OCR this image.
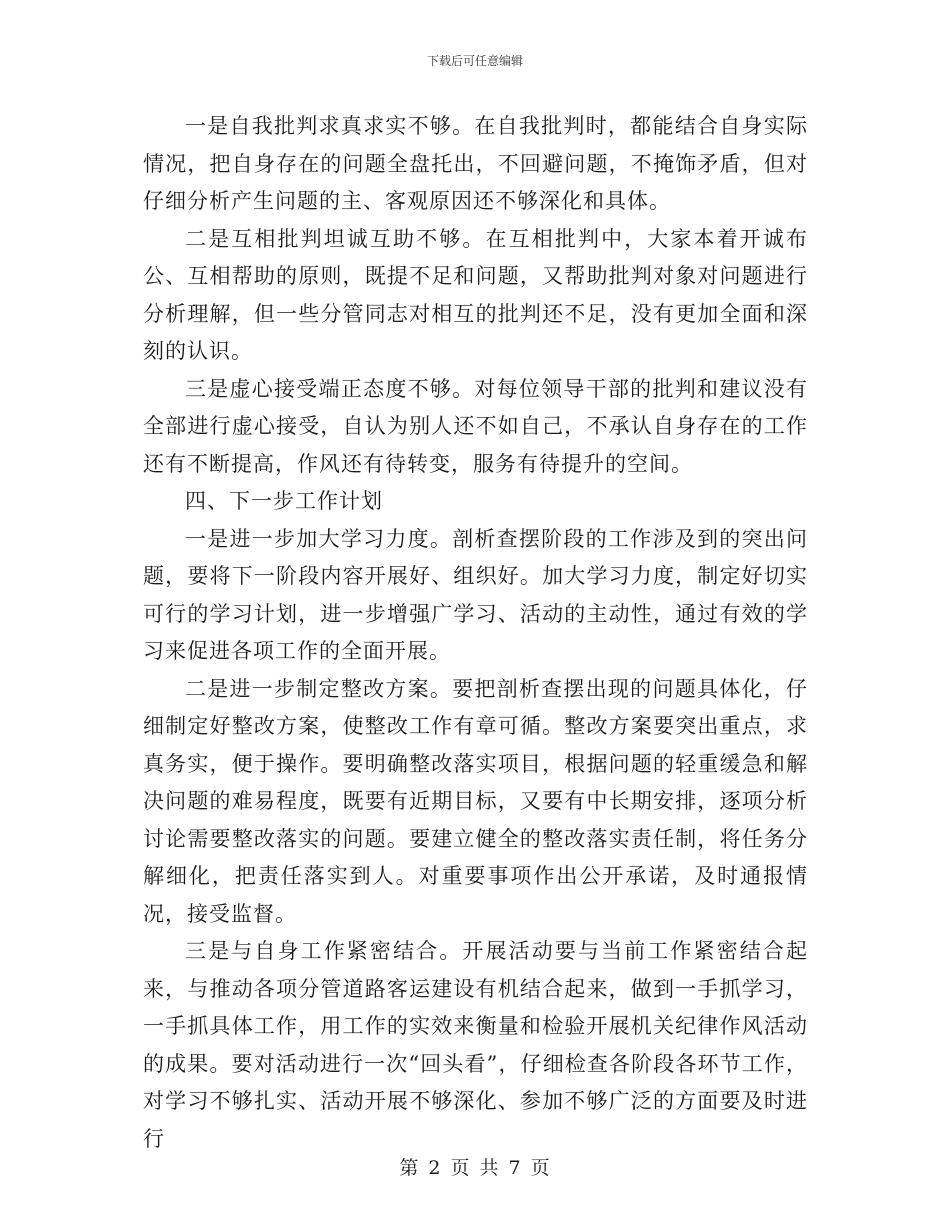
下载后可任意编辑

一是自我批判求真求实不够。在自我批判时，都能结合自身实际情况，把自身存在的问题全盘托出，不回避问题，不掩饰矛盾，但对仔细分析产生问题的主、客观原因还不够深化和具体。

二是互相批判坦诚互助不够。在互相批判中，大家本着开诚布公、互相帮助的原则，既提不足和问题，又帮助批判对象对问题进行分析理解，但一些分管同志对相互的批判还不足，没有更加全面和深刻的认识。

三是虚心接受端正态度不够。对每位领导干部的批判和建议没有全部进行虚心接受，自认为别人还不如自己，不承认自身存在的工作还有不断提高，作风还有待转变，服务有待提升的空间。

四、下一步工作计划

一是进一步加大学习力度。剖析查摆阶段的工作涉及到的突出问题，要将下一阶段内容开展好、组织好。加大学习力度，制定好切实可行的学习计划，进一步增强广学习、活动的主动性，通过有效的学习来促进各项工作的全面开展。

二是进一步制定整改方案。要把剖析查摆出现的问题具体化，仔细制定好整改方案，使整改工作有章可循。整改方案要突出重点，求真务实，便于操作。要明确整改落实项目，根据问题的轻重缓急和解决问题的难易程度，既要有近期目标，又要有中长期安排，逐项分析讨论需要整改落实的问题。要建立健全的整改落实责任制，将任务分解细化，把责任落实到人。对重要事项作出公开承诺，及时通报情况，接受监督。

三是与自身工作紧密结合。开展活动要与当前工作紧密结合起来，与推动各项分管道路客运建设有机结合起来，做到一手抓学习，一手抓具体工作，用工作的实效来衡量和检验开展机关纪律作风活动的成果。要对活动进行一次“回头看”，仔细检查各阶段各环节工作，对学习不够扎实、活动开展不够深化、参加不够广泛的方面要及时进行

第 2 页 共 7 页
